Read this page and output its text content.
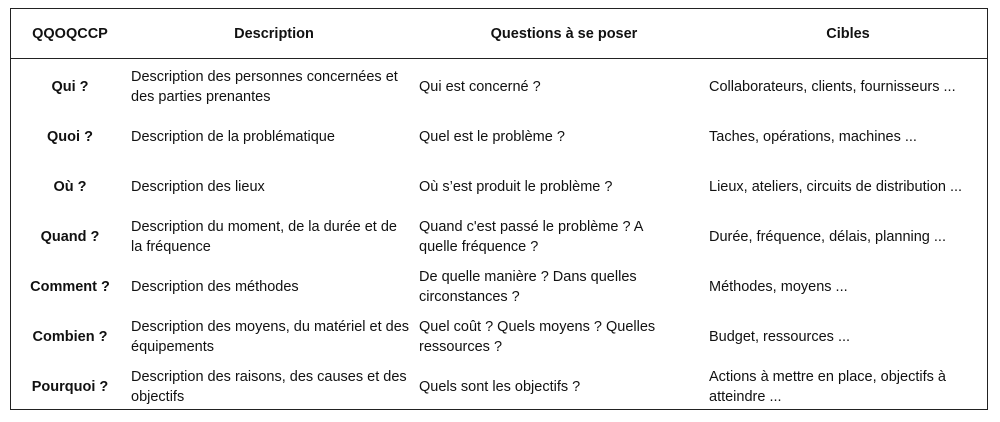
QQOQCCP	Description	Questions à se poser	Cibles
Qui ?	Description des personnes concernées et des parties prenantes	Qui est concerné ?	Collaborateurs, clients, fournisseurs ...
Quoi ?	Description de la problématique	Quel est le problème ?	Taches, opérations, machines ...
Où ?	Description des lieux	Où s’est produit le problème ?	Lieux, ateliers, circuits de distribution ...
Quand ?	Description du moment, de la durée et de la fréquence	Quand c'est passé le problème ? A quelle fréquence ?	Durée, fréquence, délais, planning ...
Comment ?	Description des méthodes	De quelle manière ? Dans quelles circonstances ?	Méthodes, moyens ...
Combien ?	Description des moyens, du matériel et des équipements	Quel coût ? Quels moyens ? Quelles ressources ?	Budget, ressources ...
Pourquoi ?	Description des raisons, des causes et des objectifs	Quels sont les objectifs ?	Actions à mettre en place, objectifs à atteindre ...
